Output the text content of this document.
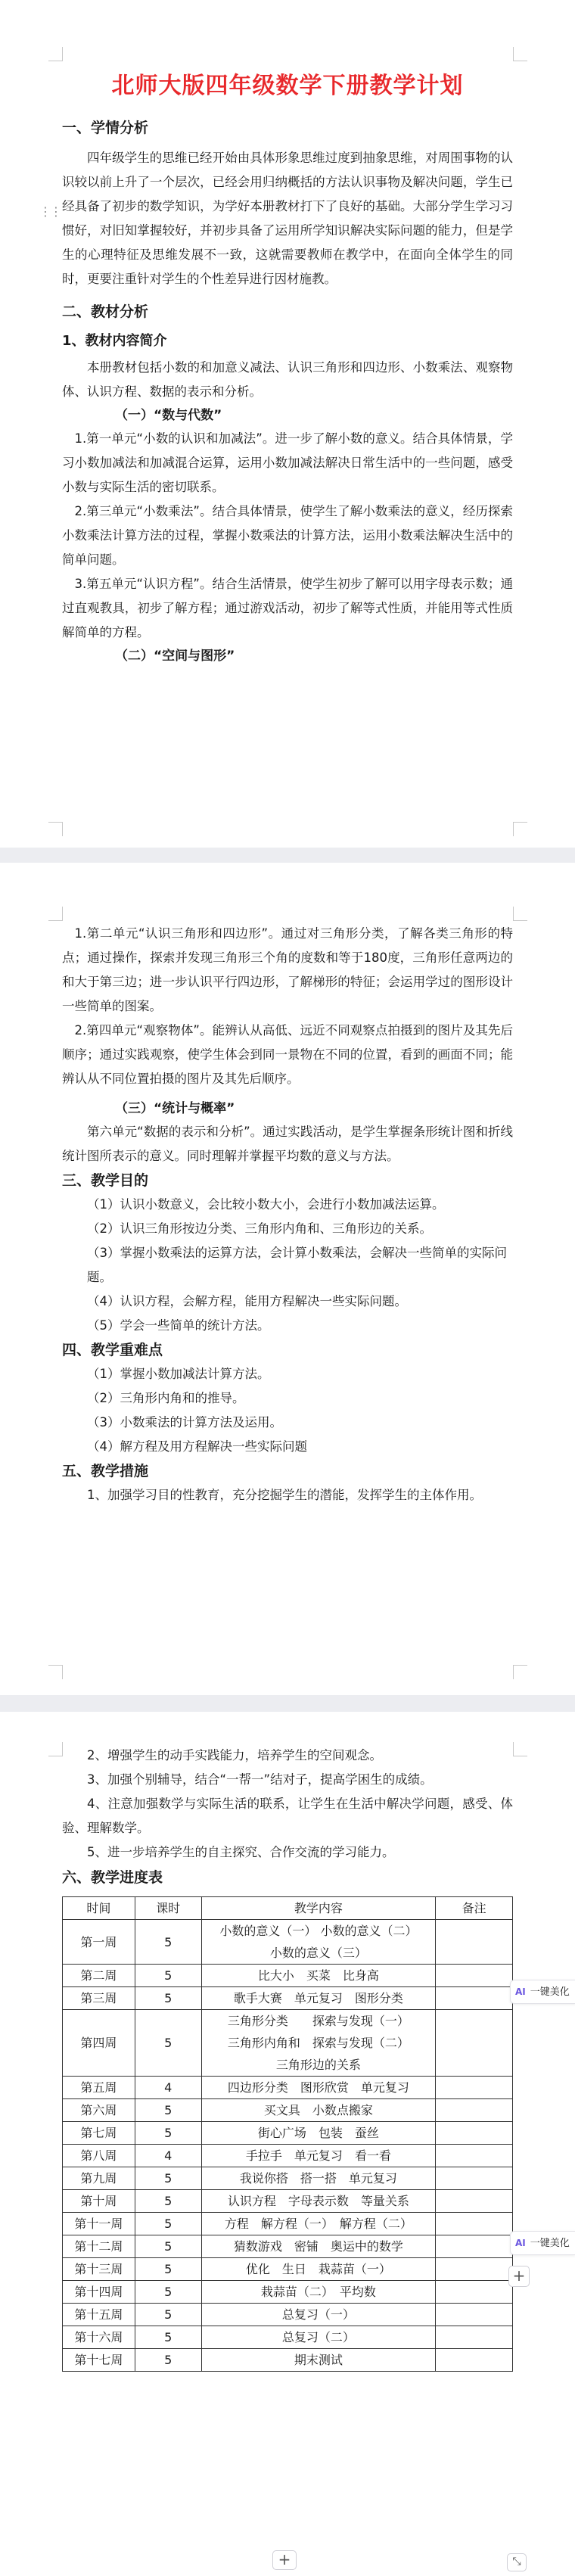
北师大版四年级数学下册教学计划
一、学情分析

四年级学生的思维已经开始由具体形象思维过度到抽象思维，对周围事物的认识较以前上升了一个层次，已经会用归纳概括的方法认识事物及解决问题，学生已经具备了初步的数学知识，为学好本册教材打下了良好的基础。大部分学生学习习惯好，对旧知掌握较好，并初步具备了运用所学知识解决实际问题的能力，但是学生的心理特征及思维发展不一致，这就需要教师在教学中，在面向全体学生的同时，更要注重针对学生的个性差异进行因材施教。

二、教材分析
1、教材内容简介

本册教材包括小数的和加意义减法、认识三角形和四边形、小数乘法、观察物体、认识方程、数据的表示和分析。

（一）“数与代数”

1.第一单元“小数的认识和加减法”。进一步了解小数的意义。结合具体情景，学习小数加减法和加减混合运算，运用小数加减法解决日常生活中的一些问题，感受小数与实际生活的密切联系。

2.第三单元“小数乘法”。结合具体情景，使学生了解小数乘法的意义，经历探索小数乘法计算方法的过程，掌握小数乘法的计算方法，运用小数乘法解决生活中的简单问题。

3.第五单元“认识方程”。结合生活情景，使学生初步了解可以用字母表示数；通过直观教具，初步了解方程；通过游戏活动，初步了解等式性质，并能用等式性质解简单的方程。

（二）“空间与图形”
⋮⋮

1.第二单元“认识三角形和四边形”。通过对三角形分类，了解各类三角形的特点；通过操作，探索并发现三角形三个角的度数和等于180度，三角形任意两边的和大于第三边；进一步认识平行四边形，了解梯形的特征；会运用学过的图形设计一些简单的图案。

2.第四单元“观察物体”。能辨认从高低、远近不同观察点拍摄到的图片及其先后顺序；通过实践观察，使学生体会到同一景物在不同的位置，看到的画面不同；能辨认从不同位置拍摄的图片及其先后顺序。

（三）“统计与概率”

第六单元“数据的表示和分析”。通过实践活动，是学生掌握条形统计图和折线统计图所表示的意义。同时理解并掌握平均数的意义与方法。

三、教学目的

（1）认识小数意义，会比较小数大小，会进行小数加减法运算。

（2）认识三角形按边分类、三角形内角和、三角形边的关系。

（3）掌握小数乘法的运算方法，会计算小数乘法，会解决一些简单的实际问题。

（4）认识方程，会解方程，能用方程解决一些实际问题。

（5）学会一些简单的统计方法。

四、教学重难点

（1）掌握小数加减法计算方法。

（2）三角形内角和的推导。

（3）小数乘法的计算方法及运用。

（4）解方程及用方程解决一些实际问题

五、教学措施

1、加强学习目的性教育，充分挖掘学生的潜能，发挥学生的主体作用。

2、增强学生的动手实践能力，培养学生的空间观念。

3、加强个别辅导，结合“一帮一”结对子，提高学困生的成绩。

4、注意加强数学与实际生活的联系，让学生在生活中解决学问题，感受、体验、理解数学。

5、进一步培养学生的自主探究、合作交流的学习能力。

六、教学进度表
时间	课时	教学内容	备注
第一周	5	小数的意义（一） 小数的意义（二）
小数的意义（三）	

第二周	5	比大小　买菜　比身高	

第三周	5	歌手大赛　单元复习　图形分类	

第四周	5	三角形分类　　探索与发现（一）
三角形内角和　探索与发现（二）
三角形边的关系	

第五周	4	四边形分类　图形欣赏　单元复习	

第六周	5	买文具　小数点搬家	

第七周	5	街心广场　包装　蚕丝	

第八周	4	手拉手　单元复习　看一看	

第九周	5	我说你搭　搭一搭　单元复习	

第十周	5	认识方程　字母表示数　等量关系	

第十一周	5	方程　解方程（一）　解方程（二）	

第十二周	5	猜数游戏　密铺　奥运中的数学	

第十三周	5	优化　生日　栽蒜苗（一）	

第十四周	5	栽蒜苗（二）　平均数	

第十五周	5	总复习（一）	

第十六周	5	总复习（二）	

第十七周	5	期末测试	

AI 一键美化
AI 一键美化
+
+	⤡
